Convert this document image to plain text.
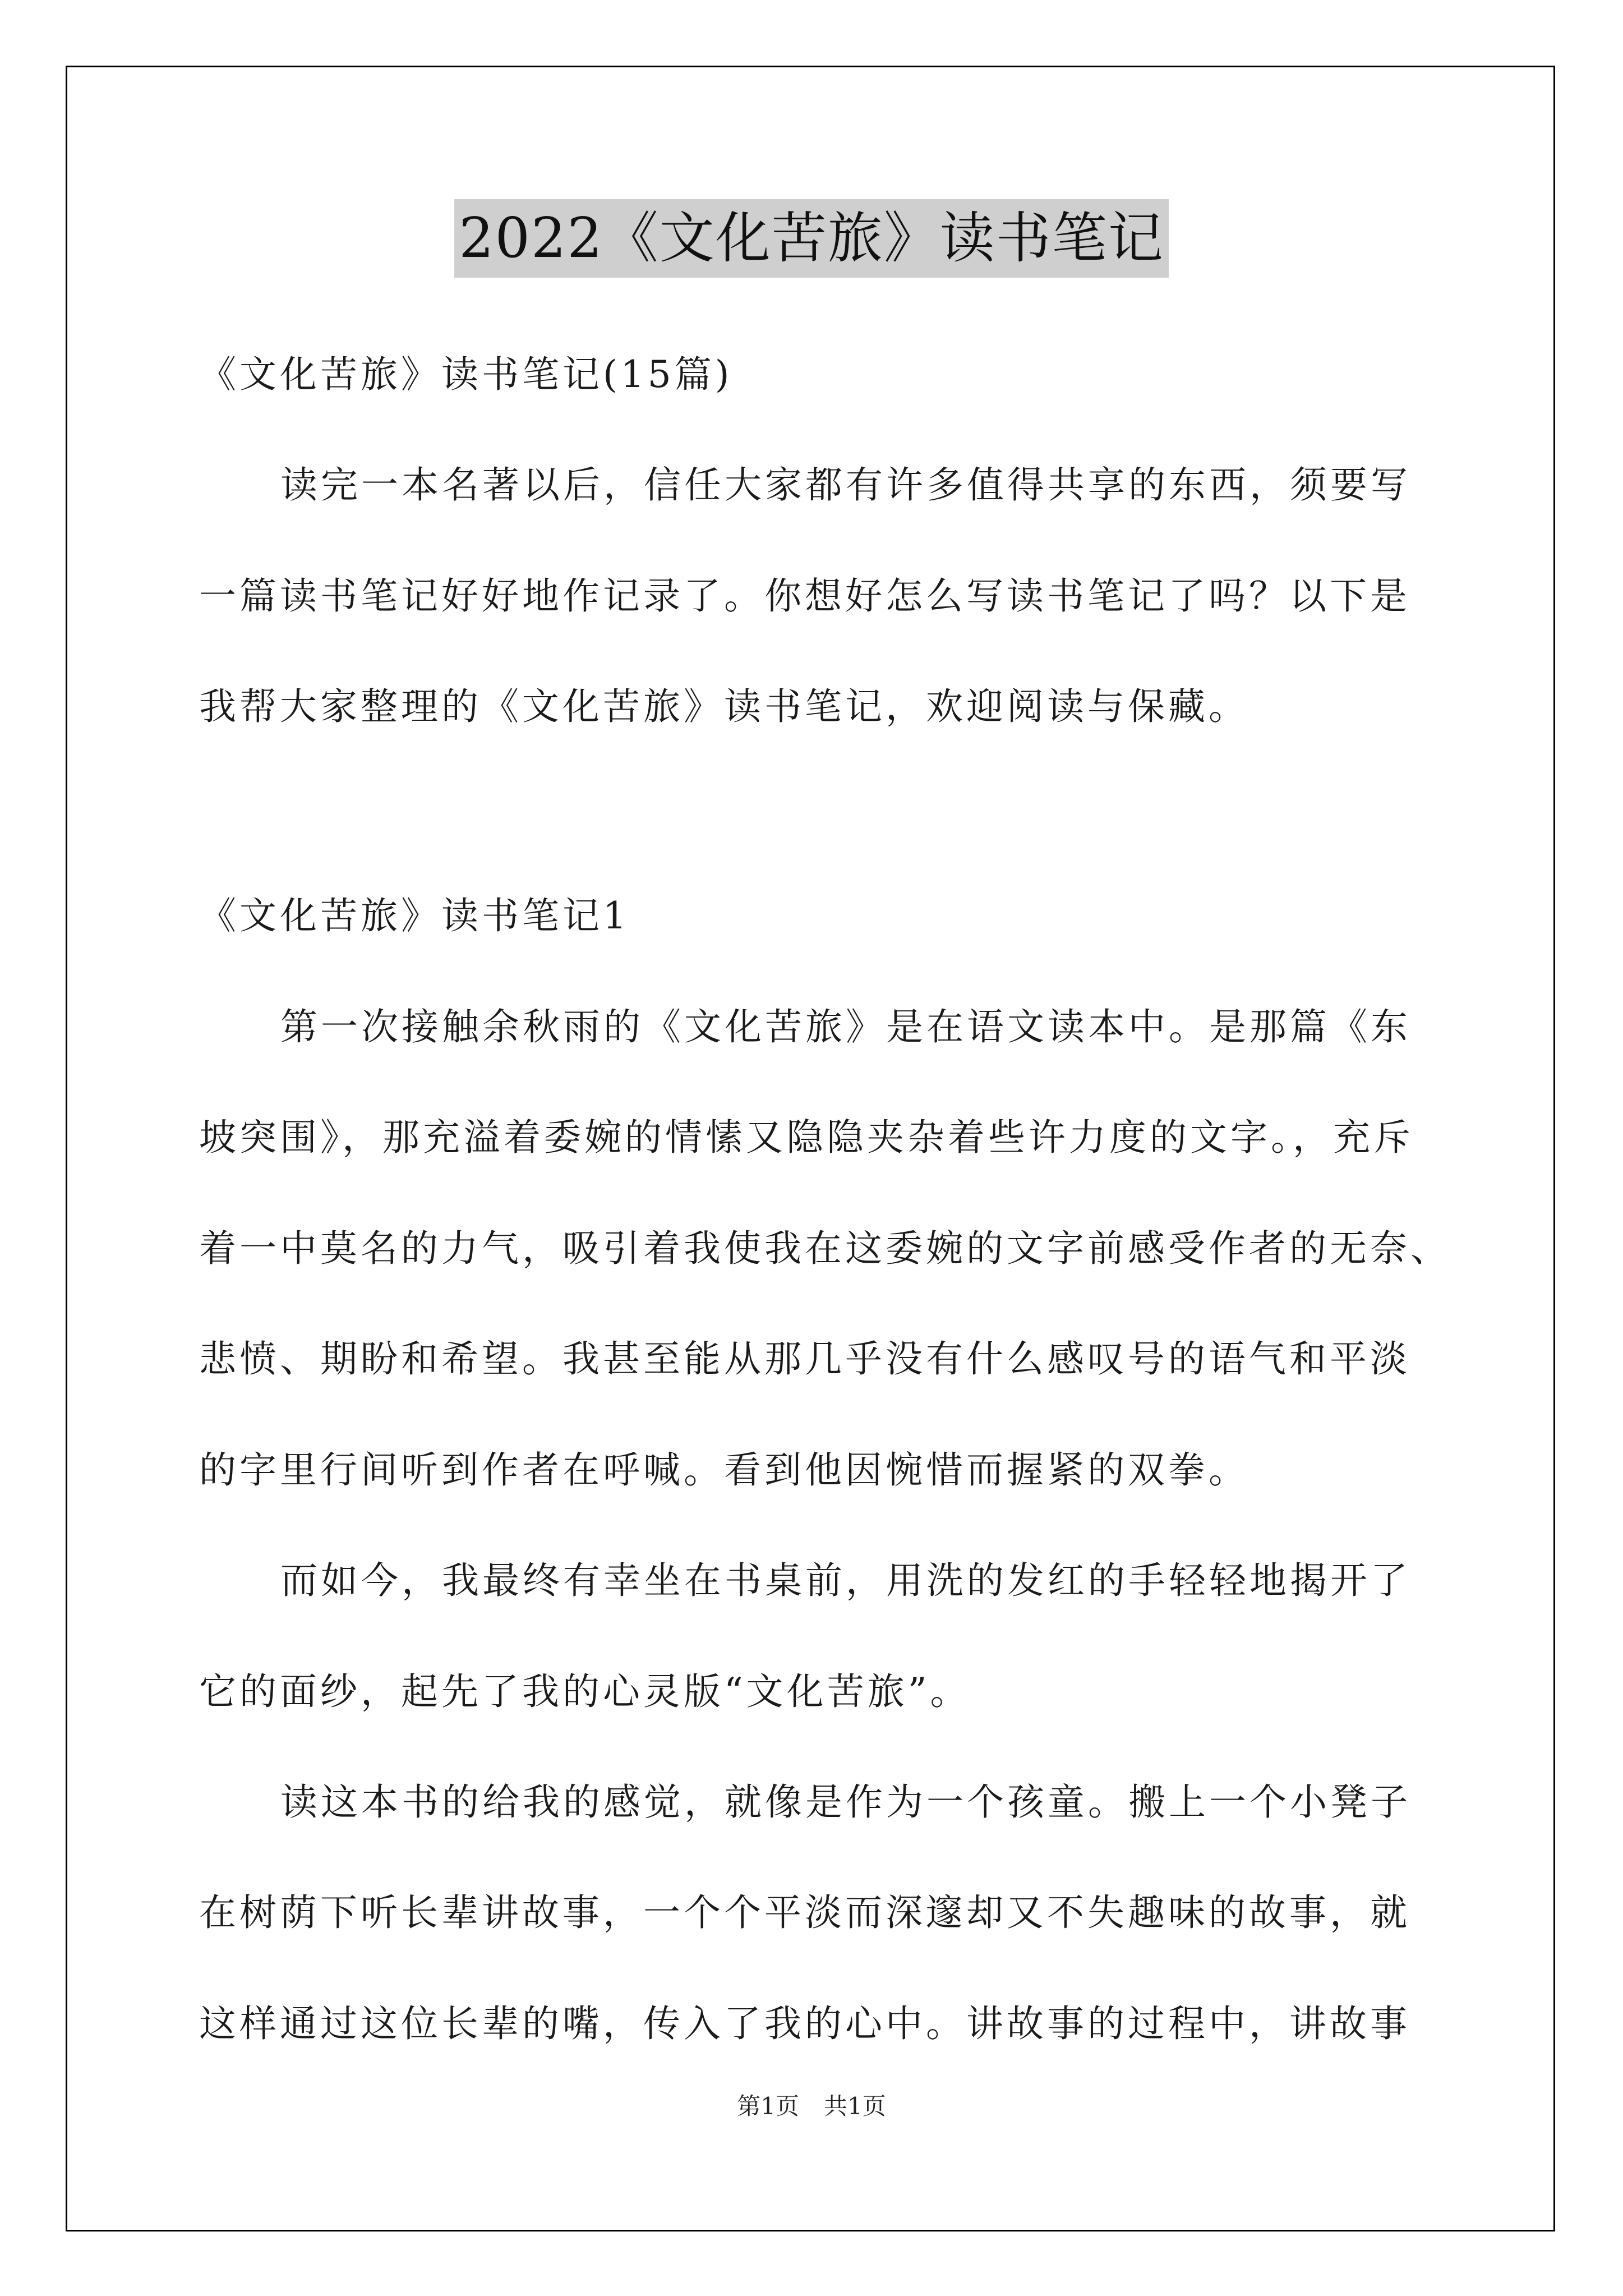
2022《文化苦旅》读书笔记
《文化苦旅》读书笔记(15篇)
读完一本名著以后，信任大家都有许多值得共享的东西，须要写
一篇读书笔记好好地作记录了。你想好怎么写读书笔记了吗？以下是
我帮大家整理的《文化苦旅》读书笔记，欢迎阅读与保藏。
《文化苦旅》读书笔记1
第一次接触余秋雨的《文化苦旅》是在语文读本中。是那篇《东
坡突围》，那充溢着委婉的情愫又隐隐夹杂着些许力度的文字。，充斥
着一中莫名的力气，吸引着我使我在这委婉的文字前感受作者的无奈、
悲愤、期盼和希望。我甚至能从那几乎没有什么感叹号的语气和平淡
的字里行间听到作者在呼喊。看到他因惋惜而握紧的双拳。
而如今，我最终有幸坐在书桌前，用洗的发红的手轻轻地揭开了
它的面纱，起先了我的心灵版“文化苦旅”。
读这本书的给我的感觉，就像是作为一个孩童。搬上一个小凳子
在树荫下听长辈讲故事，一个个平淡而深邃却又不失趣味的故事，就
这样通过这位长辈的嘴，传入了我的心中。讲故事的过程中，讲故事
第1页 共1页
